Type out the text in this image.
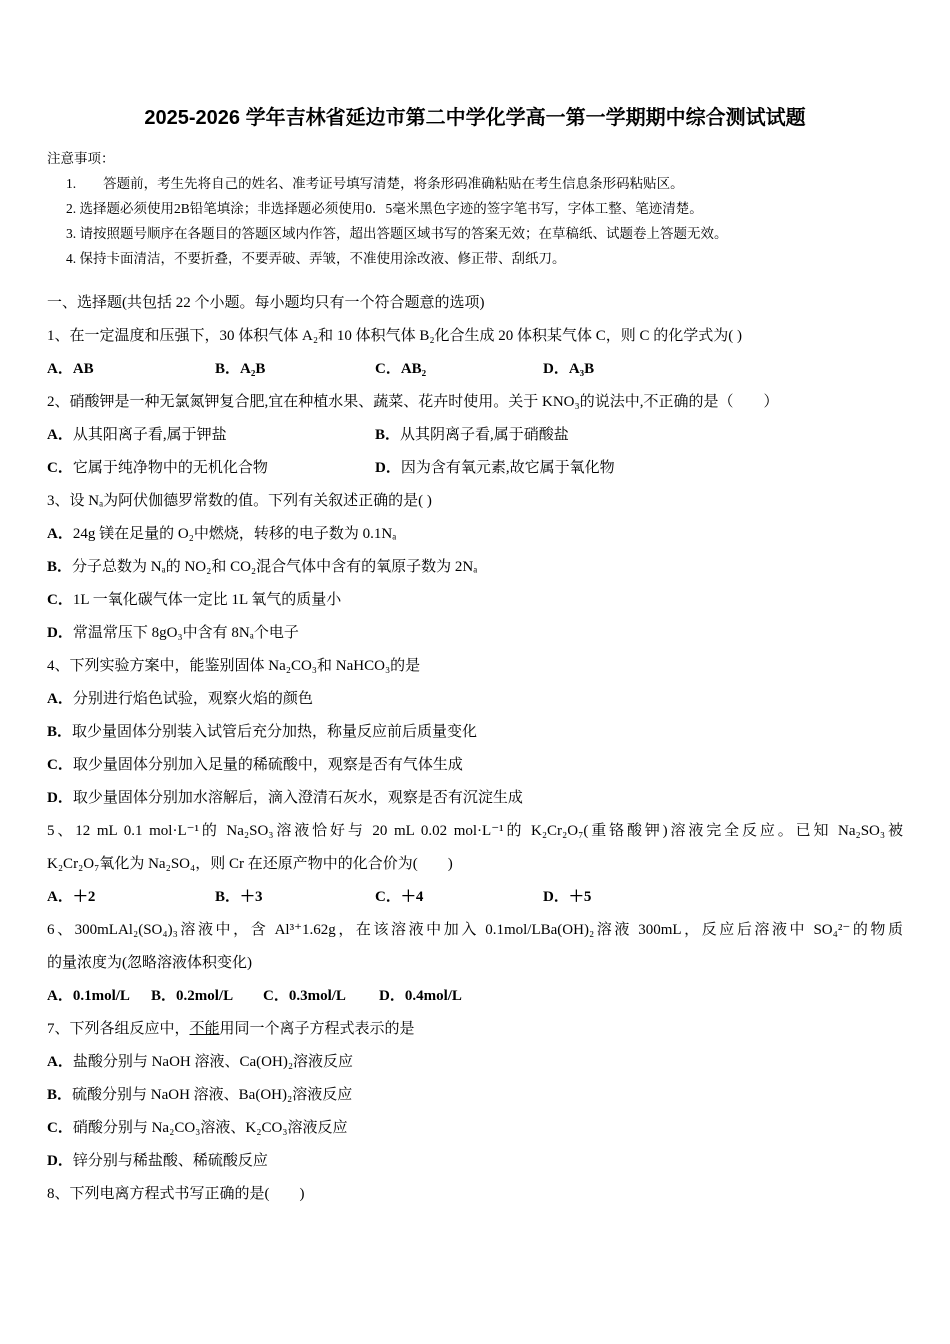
2025-2026 学年吉林省延边市第二中学化学高一第一学期期中综合测试试题
注意事项：
1.　　答题前，考生先将自己的姓名、准考证号填写清楚，将条形码准确粘贴在考生信息条形码粘贴区。
2. 选择题必须使用2B铅笔填涂；非选择题必须使用0．5毫米黑色字迹的签字笔书写，字体工整、笔迹清楚。
3. 请按照题号顺序在各题目的答题区域内作答，超出答题区域书写的答案无效；在草稿纸、试题卷上答题无效。
4. 保持卡面清洁，不要折叠，不要弄破、弄皱，不准使用涂改液、修正带、刮纸刀。
一、选择题(共包括 22 个小题。每小题均只有一个符合题意的选项)
1、在一定温度和压强下，30 体积气体 A₂和 10 体积气体 B₂化合生成 20 体积某气体 C，则 C 的化学式为( )
A．AB	B．A₂B	C．AB₂	D．A₃B
2、硝酸钾是一种无氯氮钾复合肥,宜在种植水果、蔬菜、花卉时使用。关于 KNO₃的说法中,不正确的是（　　）
A．从其阳离子看,属于钾盐	B．从其阴离子看,属于硝酸盐
C．它属于纯净物中的无机化合物	D．因为含有氧元素,故它属于氧化物
3、设 Nₐ为阿伏伽德罗常数的值。下列有关叙述正确的是( )
A．24g 镁在足量的 O₂中燃烧，转移的电子数为 0.1Nₐ
B．分子总数为 Nₐ的 NO₂和 CO₂混合气体中含有的氧原子数为 2Nₐ
C．1L 一氧化碳气体一定比 1L 氧气的质量小
D．常温常压下 8gO₃中含有 8Nₐ个电子
4、下列实验方案中，能鉴别固体 Na₂CO₃和 NaHCO₃的是
A．分别进行焰色试验，观察火焰的颜色
B．取少量固体分别装入试管后充分加热，称量反应前后质量变化
C．取少量固体分别加入足量的稀硫酸中，观察是否有气体生成
D．取少量固体分别加水溶解后，滴入澄清石灰水，观察是否有沉淀生成
5、12 mL 0.1 mol·L⁻¹的 Na₂SO₃溶液恰好与 20 mL 0.02 mol·L⁻¹的 K₂Cr₂O₇(重铬酸钾)溶液完全反应。已知 Na₂SO₃被
K₂Cr₂O₇氧化为 Na₂SO₄，则 Cr 在还原产物中的化合价为(　　)
A．＋2	B．＋3	C．＋4	D．＋5
6、300mLAl₂(SO₄)₃溶液中，含 Al³⁺1.62g，在该溶液中加入 0.1mol/LBa(OH)₂溶液 300mL，反应后溶液中 SO₄²⁻的物质
的量浓度为(忽略溶液体积变化)
A．0.1mol/L	B．0.2mol/L	C．0.3mol/L	D．0.4mol/L
7、下列各组反应中，不能用同一个离子方程式表示的是
A．盐酸分别与 NaOH 溶液、Ca(OH)₂溶液反应
B．硫酸分别与 NaOH 溶液、Ba(OH)₂溶液反应
C．硝酸分别与 Na₂CO₃溶液、K₂CO₃溶液反应
D．锌分别与稀盐酸、稀硫酸反应
8、下列电离方程式书写正确的是(　　)
